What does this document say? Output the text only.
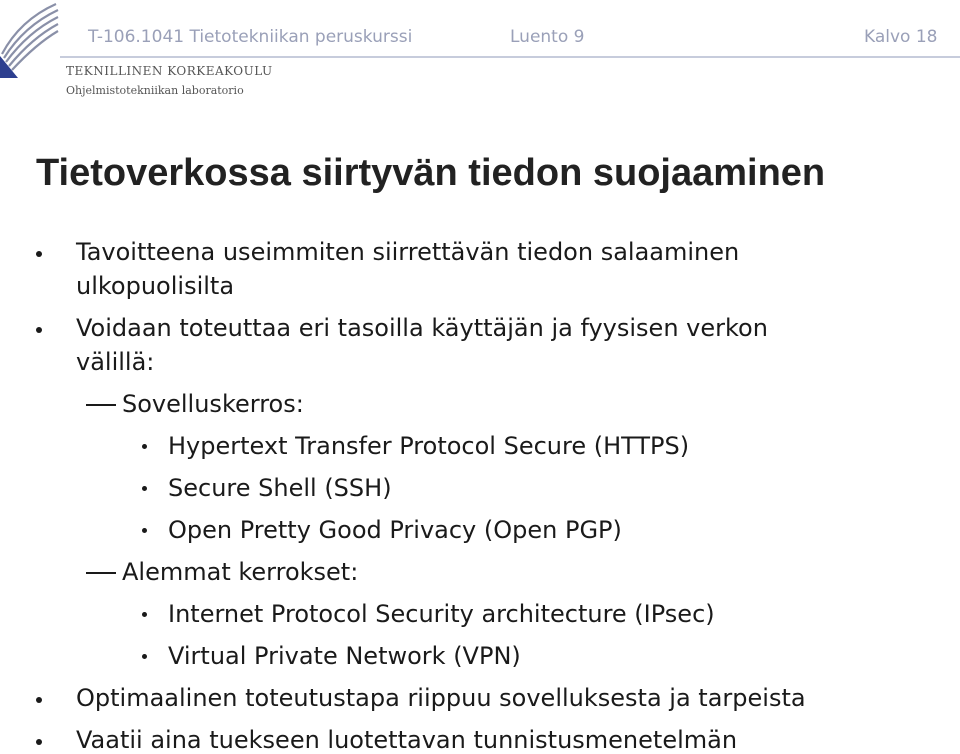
T-106.1041 Tietotekniikan peruskurssi	Luento 9	Kalvo 18
TEKNILLINEN KORKEAKOULU
Ohjelmistotekniikan laboratorio
Tietoverkossa siirtyvän tiedon suojaaminen
Tavoitteena useimmiten siirrettävän tiedon salaaminen
ulkopuolisilta
Voidaan toteuttaa eri tasoilla käyttäjän ja fyysisen verkon
välillä:
Sovelluskerros:
Hypertext Transfer Protocol Secure (HTTPS)
Secure Shell (SSH)
Open Pretty Good Privacy (Open PGP)
Alemmat kerrokset:
Internet Protocol Security architecture (IPsec)
Virtual Private Network (VPN)
Optimaalinen toteutustapa riippuu sovelluksesta ja tarpeista
Vaatii aina tuekseen luotettavan tunnistusmenetelmän
